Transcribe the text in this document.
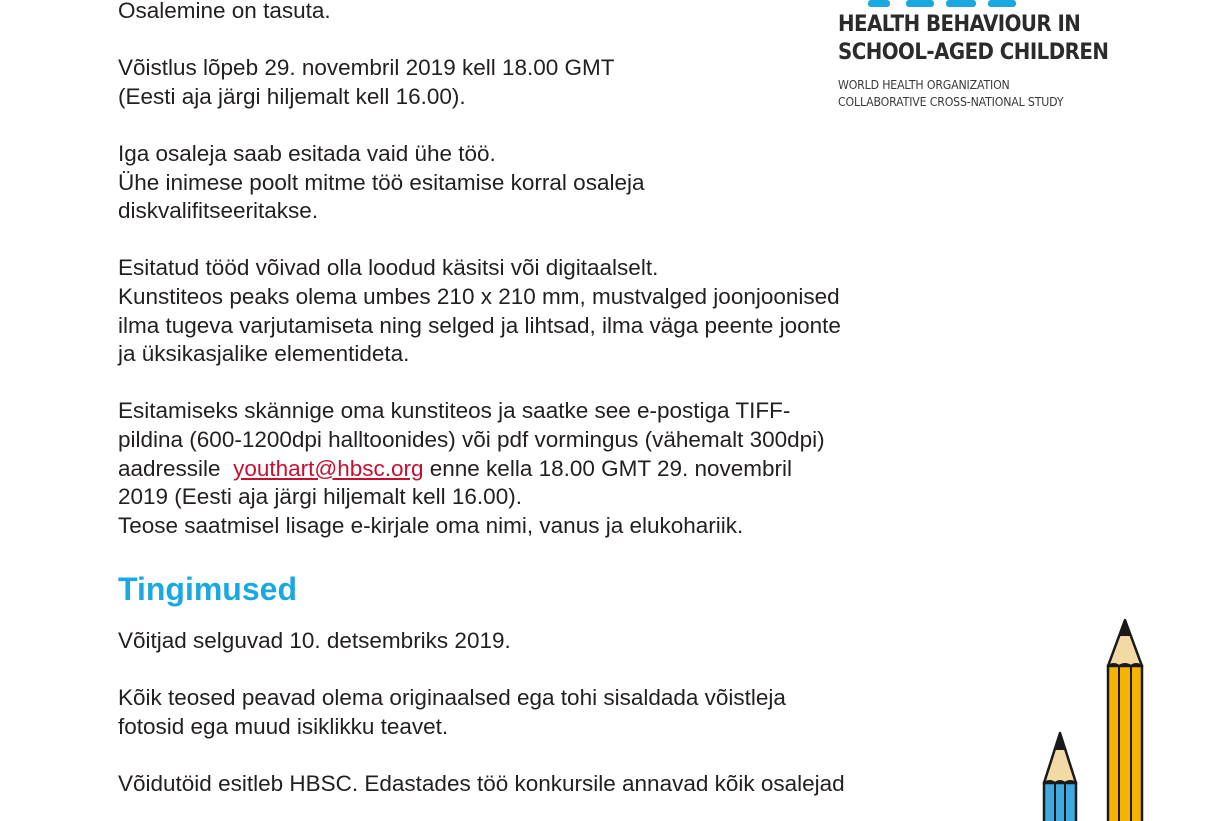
HEALTH BEHAVIOUR IN
SCHOOL-AGED CHILDREN
WORLD HEALTH ORGANIZATION
COLLABORATIVE CROSS-NATIONAL STUDY

Osalemine on tasuta.

Võistlus lõpeb 29. novembril 2019 kell 18.00 GMT
(Eesti aja järgi hiljemalt kell 16.00).

Iga osaleja saab esitada vaid ühe töö.
Ühe inimese poolt mitme töö esitamise korral osaleja
diskvalifitseeritakse.

Esitatud tööd võivad olla loodud käsitsi või digitaalselt.
Kunstiteos peaks olema umbes 210 x 210 mm, mustvalged joonjoonised
ilma tugeva varjutamiseta ning selged ja lihtsad, ilma väga peente joonte
ja üksikasjalike elementideta.

Esitamiseks skännige oma kunstiteos ja saatke see e-postiga TIFF-
pildina (600-1200dpi halltoonides) või pdf vormingus (vähemalt 300dpi)
aadressile  youthart@hbsc.org enne kella 18.00 GMT 29. novembril
2019 (Eesti aja järgi hiljemalt kell 16.00).
Teose saatmisel lisage e-kirjale oma nimi, vanus ja elukohariik.

Tingimused

Võitjad selguvad 10. detsembriks 2019.

Kõik teosed peavad olema originaalsed ega tohi sisaldada võistleja
fotosid ega muud isiklikku teavet.

Võidutöid esitleb HBSC. Edastades töö konkursile annavad kõik osalejad
